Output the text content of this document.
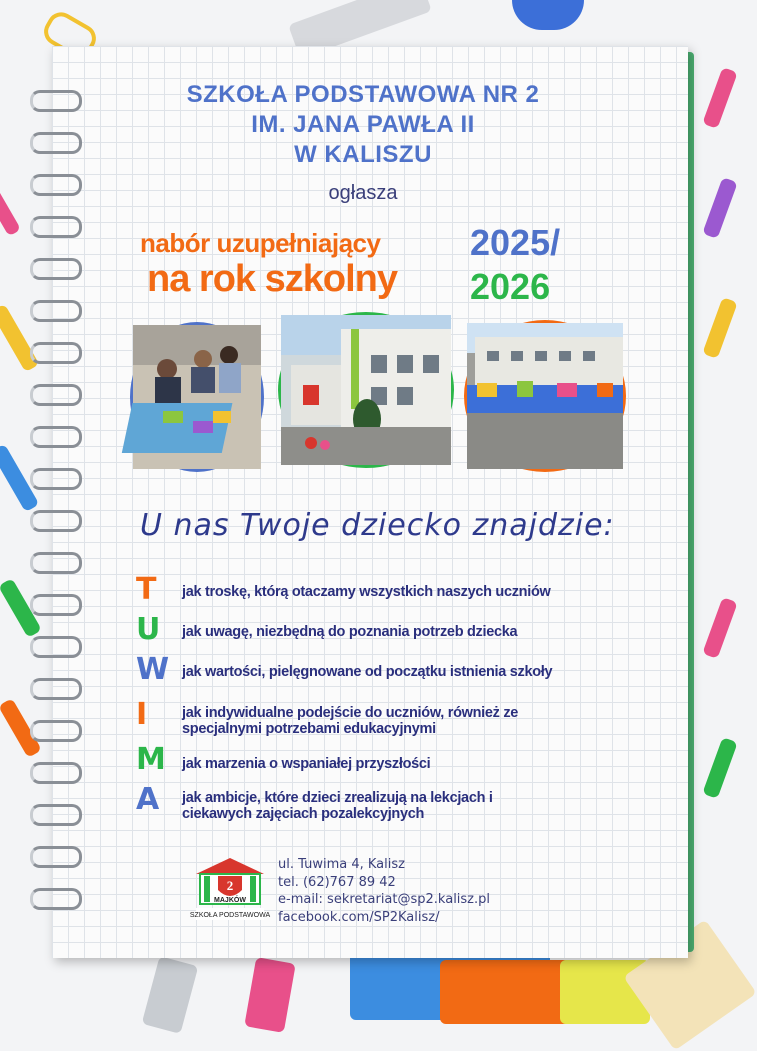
SZKOŁA PODSTAWOWA NR 2
IM. JANA PAWŁA II
W KALISZU
ogłasza
nabór uzupełniający
na rok szkolny
2025/
2026
U nas Twoje dziecko znajdzie:
T
U
W
I
M
A
jak troskę, którą otaczamy wszystkich naszych uczniów
jak uwagę, niezbędną do poznania potrzeb dziecka
jak wartości, pielęgnowane od początku istnienia szkoły
jak indywidualne podejście do uczniów, również ze specjalnymi potrzebami edukacyjnymi
jak marzenia o wspaniałej przyszłości
jak ambicje, które dzieci zrealizują na lekcjach i ciekawych zajęciach pozalekcyjnych
2
MAJKÓW
SZKOŁA PODSTAWOWA
ul. Tuwima 4, Kalisz
tel. (62)767 89 42
e-mail: sekretariat@sp2.kalisz.pl
facebook.com/SP2Kalisz/
